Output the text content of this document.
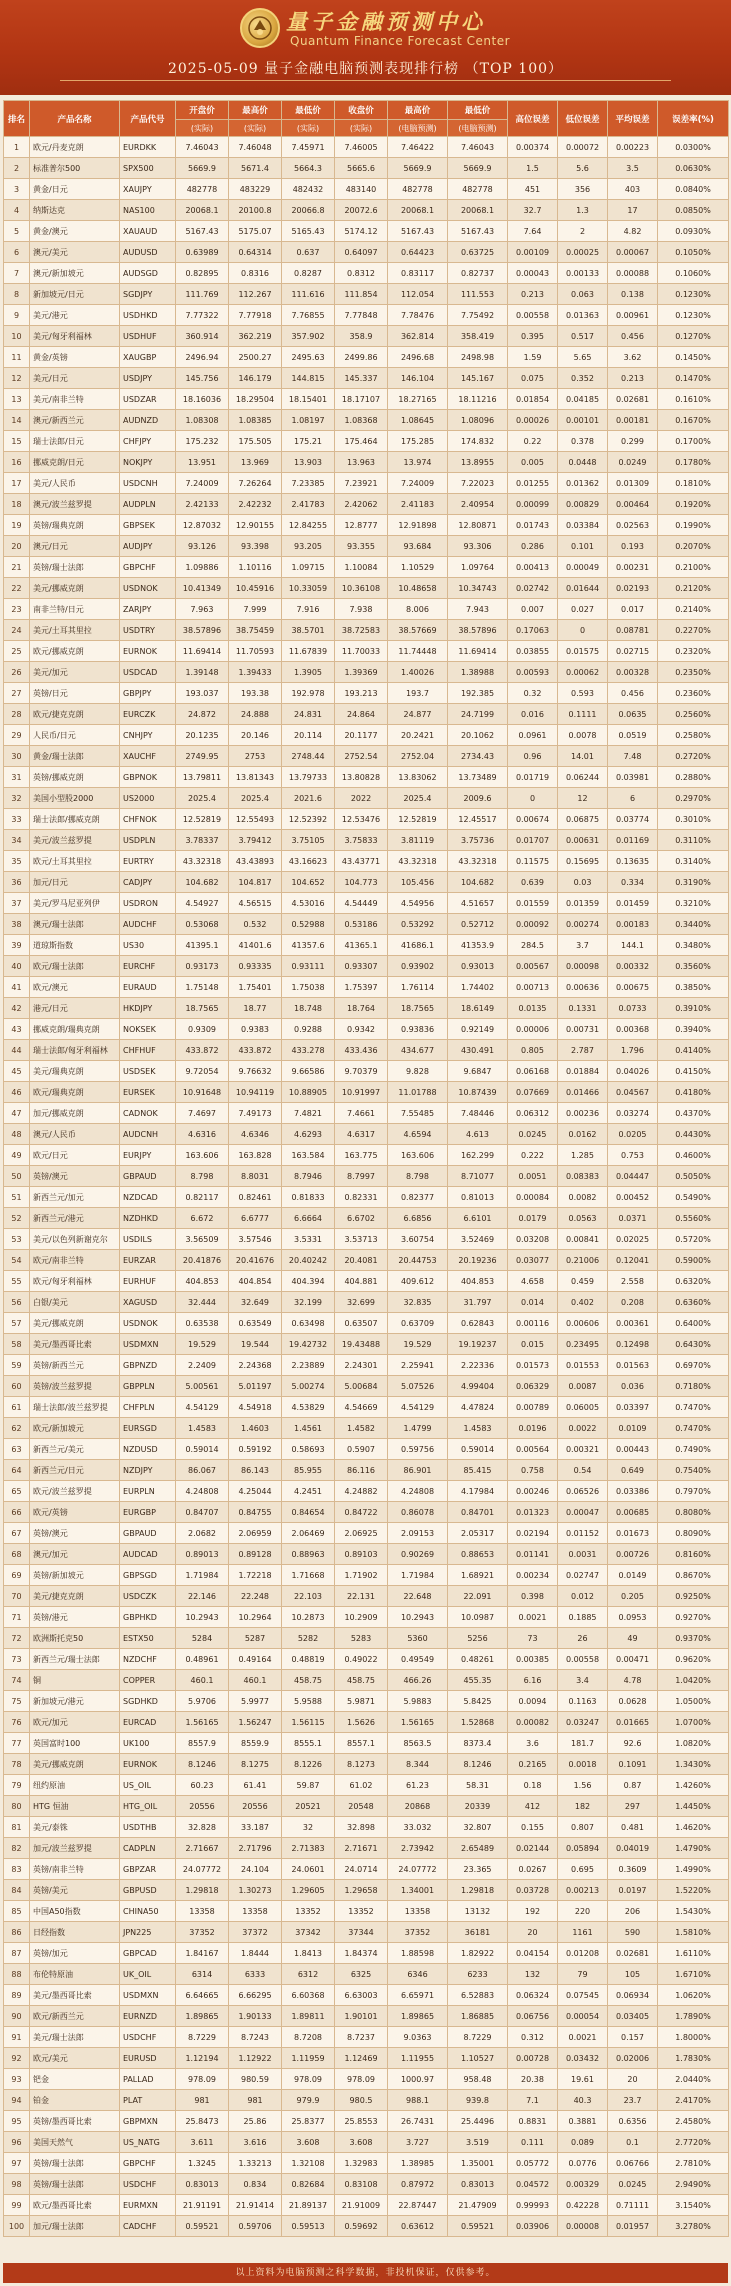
量子金融预测中心
Quantum Finance Forecast Center
2025-05-09 量子金融电脑预测表现排行榜 （TOP 100）
排名	产品名称	产品代号	开盘价	最高价	最低价	收盘价	最高价	最低价	高位误差	低位误差	平均误差	误差率(%)
			(实际)	(实际)	(实际)	(实际)	(电脑预测)	(电脑预测)				
1	欧元/丹麦克朗	EURDKK	7.46043	7.46048	7.45971	7.46005	7.46422	7.46043	0.00374	0.00072	0.00223	0.0300%
2	标准普尔500	SPX500	5669.9	5671.4	5664.3	5665.6	5669.9	5669.9	1.5	5.6	3.5	0.0630%
3	黄金/日元	XAUJPY	482778	483229	482432	483140	482778	482778	451	356	403	0.0840%
4	纳斯达克	NAS100	20068.1	20100.8	20066.8	20072.6	20068.1	20068.1	32.7	1.3	17	0.0850%
5	黄金/澳元	XAUAUD	5167.43	5175.07	5165.43	5174.12	5167.43	5167.43	7.64	2	4.82	0.0930%
6	澳元/美元	AUDUSD	0.63989	0.64314	0.637	0.64097	0.64423	0.63725	0.00109	0.00025	0.00067	0.1050%
7	澳元/新加坡元	AUDSGD	0.82895	0.8316	0.8287	0.8312	0.83117	0.82737	0.00043	0.00133	0.00088	0.1060%
8	新加坡元/日元	SGDJPY	111.769	112.267	111.616	111.854	112.054	111.553	0.213	0.063	0.138	0.1230%
9	美元/港元	USDHKD	7.77322	7.77918	7.76855	7.77848	7.78476	7.75492	0.00558	0.01363	0.00961	0.1230%
10	美元/匈牙利福林	USDHUF	360.914	362.219	357.902	358.9	362.814	358.419	0.395	0.517	0.456	0.1270%
11	黄金/英镑	XAUGBP	2496.94	2500.27	2495.63	2499.86	2496.68	2498.98	1.59	5.65	3.62	0.1450%
12	美元/日元	USDJPY	145.756	146.179	144.815	145.337	146.104	145.167	0.075	0.352	0.213	0.1470%
13	美元/南非兰特	USDZAR	18.16036	18.29504	18.15401	18.17107	18.27165	18.11216	0.01854	0.04185	0.02681	0.1610%
14	澳元/新西兰元	AUDNZD	1.08308	1.08385	1.08197	1.08368	1.08645	1.08096	0.00026	0.00101	0.00181	0.1670%
15	瑞士法郎/日元	CHFJPY	175.232	175.505	175.21	175.464	175.285	174.832	0.22	0.378	0.299	0.1700%
16	挪威克朗/日元	NOKJPY	13.951	13.969	13.903	13.963	13.974	13.8955	0.005	0.0448	0.0249	0.1780%
17	美元/人民币	USDCNH	7.24009	7.26264	7.23385	7.23921	7.24009	7.22023	0.01255	0.01362	0.01309	0.1810%
18	澳元/波兰兹罗提	AUDPLN	2.42133	2.42232	2.41783	2.42062	2.41183	2.40954	0.00099	0.00829	0.00464	0.1920%
19	英镑/瑞典克朗	GBPSEK	12.87032	12.90155	12.84255	12.8777	12.91898	12.80871	0.01743	0.03384	0.02563	0.1990%
20	澳元/日元	AUDJPY	93.126	93.398	93.205	93.355	93.684	93.306	0.286	0.101	0.193	0.2070%
21	英镑/瑞士法郎	GBPCHF	1.09886	1.10116	1.09715	1.10084	1.10529	1.09764	0.00413	0.00049	0.00231	0.2100%
22	美元/挪威克朗	USDNOK	10.41349	10.45916	10.33059	10.36108	10.48658	10.34743	0.02742	0.01644	0.02193	0.2120%
23	南非兰特/日元	ZARJPY	7.963	7.999	7.916	7.938	8.006	7.943	0.007	0.027	0.017	0.2140%
24	美元/土耳其里拉	USDTRY	38.57896	38.75459	38.5701	38.72583	38.57669	38.57896	0.17063	0	0.08781	0.2270%
25	欧元/挪威克朗	EURNOK	11.69414	11.70593	11.67839	11.70033	11.74448	11.69414	0.03855	0.01575	0.02715	0.2320%
26	美元/加元	USDCAD	1.39148	1.39433	1.3905	1.39369	1.40026	1.38988	0.00593	0.00062	0.00328	0.2350%
27	英镑/日元	GBPJPY	193.037	193.38	192.978	193.213	193.7	192.385	0.32	0.593	0.456	0.2360%
28	欧元/捷克克朗	EURCZK	24.872	24.888	24.831	24.864	24.877	24.7199	0.016	0.1111	0.0635	0.2560%
29	人民币/日元	CNHJPY	20.1235	20.146	20.114	20.1177	20.2421	20.1062	0.0961	0.0078	0.0519	0.2580%
30	黄金/瑞士法郎	XAUCHF	2749.95	2753	2748.44	2752.54	2752.04	2734.43	0.96	14.01	7.48	0.2720%
31	英镑/挪威克朗	GBPNOK	13.79811	13.81343	13.79733	13.80828	13.83062	13.73489	0.01719	0.06244	0.03981	0.2880%
32	美国小型股2000	US2000	2025.4	2025.4	2021.6	2022	2025.4	2009.6	0	12	6	0.2970%
33	瑞士法郎/挪威克朗	CHFNOK	12.52819	12.55493	12.52392	12.53476	12.52819	12.45517	0.00674	0.06875	0.03774	0.3010%
34	美元/波兰兹罗提	USDPLN	3.78337	3.79412	3.75105	3.75833	3.81119	3.75736	0.01707	0.00631	0.01169	0.3110%
35	欧元/土耳其里拉	EURTRY	43.32318	43.43893	43.16623	43.43771	43.32318	43.32318	0.11575	0.15695	0.13635	0.3140%
36	加元/日元	CADJPY	104.682	104.817	104.652	104.773	105.456	104.682	0.639	0.03	0.334	0.3190%
37	美元/罗马尼亚列伊	USDRON	4.54927	4.56515	4.53016	4.54449	4.54956	4.51657	0.01559	0.01359	0.01459	0.3210%
38	澳元/瑞士法郎	AUDCHF	0.53068	0.532	0.52988	0.53186	0.53292	0.52712	0.00092	0.00274	0.00183	0.3440%
39	道琼斯指数	US30	41395.1	41401.6	41357.6	41365.1	41686.1	41353.9	284.5	3.7	144.1	0.3480%
40	欧元/瑞士法郎	EURCHF	0.93173	0.93335	0.93111	0.93307	0.93902	0.93013	0.00567	0.00098	0.00332	0.3560%
41	欧元/澳元	EURAUD	1.75148	1.75401	1.75038	1.75397	1.76114	1.74402	0.00713	0.00636	0.00675	0.3850%
42	港元/日元	HKDJPY	18.7565	18.77	18.748	18.764	18.7565	18.6149	0.0135	0.1331	0.0733	0.3910%
43	挪威克朗/瑞典克朗	NOKSEK	0.9309	0.9383	0.9288	0.9342	0.93836	0.92149	0.00006	0.00731	0.00368	0.3940%
44	瑞士法郎/匈牙利福林	CHFHUF	433.872	433.872	433.278	433.436	434.677	430.491	0.805	2.787	1.796	0.4140%
45	美元/瑞典克朗	USDSEK	9.72054	9.76632	9.66586	9.70379	9.828	9.6847	0.06168	0.01884	0.04026	0.4150%
46	欧元/瑞典克朗	EURSEK	10.91648	10.94119	10.88905	10.91997	11.01788	10.87439	0.07669	0.01466	0.04567	0.4180%
47	加元/挪威克朗	CADNOK	7.4697	7.49173	7.4821	7.4661	7.55485	7.48446	0.06312	0.00236	0.03274	0.4370%
48	澳元/人民币	AUDCNH	4.6316	4.6346	4.6293	4.6317	4.6594	4.613	0.0245	0.0162	0.0205	0.4430%
49	欧元/日元	EURJPY	163.606	163.828	163.584	163.775	163.606	162.299	0.222	1.285	0.753	0.4600%
50	英镑/澳元	GBPAUD	8.798	8.8031	8.7946	8.7997	8.798	8.71077	0.0051	0.08383	0.04447	0.5050%
51	新西兰元/加元	NZDCAD	0.82117	0.82461	0.81833	0.82331	0.82377	0.81013	0.00084	0.0082	0.00452	0.5490%
52	新西兰元/港元	NZDHKD	6.672	6.6777	6.6664	6.6702	6.6856	6.6101	0.0179	0.0563	0.0371	0.5560%
53	美元/以色列新谢克尔	USDILS	3.56509	3.57546	3.5331	3.53713	3.60754	3.52469	0.03208	0.00841	0.02025	0.5720%
54	欧元/南非兰特	EURZAR	20.41876	20.41676	20.40242	20.4081	20.44753	20.19236	0.03077	0.21006	0.12041	0.5900%
55	欧元/匈牙利福林	EURHUF	404.853	404.854	404.394	404.881	409.612	404.853	4.658	0.459	2.558	0.6320%
56	白银/美元	XAGUSD	32.444	32.649	32.199	32.699	32.835	31.797	0.014	0.402	0.208	0.6360%
57	美元/挪威克朗	USDNOK	0.63538	0.63549	0.63498	0.63507	0.63709	0.62843	0.00116	0.00606	0.00361	0.6400%
58	美元/墨西哥比索	USDMXN	19.529	19.544	19.42732	19.43488	19.529	19.19237	0.015	0.23495	0.12498	0.6430%
59	英镑/新西兰元	GBPNZD	2.2409	2.24368	2.23889	2.24301	2.25941	2.22336	0.01573	0.01553	0.01563	0.6970%
60	英镑/波兰兹罗提	GBPPLN	5.00561	5.01197	5.00274	5.00684	5.07526	4.99404	0.06329	0.0087	0.036	0.7180%
61	瑞士法郎/波兰兹罗提	CHFPLN	4.54129	4.54918	4.53829	4.54669	4.54129	4.47824	0.00789	0.06005	0.03397	0.7470%
62	欧元/新加坡元	EURSGD	1.4583	1.4603	1.4561	1.4582	1.4799	1.4583	0.0196	0.0022	0.0109	0.7470%
63	新西兰元/美元	NZDUSD	0.59014	0.59192	0.58693	0.5907	0.59756	0.59014	0.00564	0.00321	0.00443	0.7490%
64	新西兰元/日元	NZDJPY	86.067	86.143	85.955	86.116	86.901	85.415	0.758	0.54	0.649	0.7540%
65	欧元/波兰兹罗提	EURPLN	4.24808	4.25044	4.2451	4.24882	4.24808	4.17984	0.00246	0.06526	0.03386	0.7970%
66	欧元/英镑	EURGBP	0.84707	0.84755	0.84654	0.84722	0.86078	0.84701	0.01323	0.00047	0.00685	0.8080%
67	英镑/澳元	GBPAUD	2.0682	2.06959	2.06469	2.06925	2.09153	2.05317	0.02194	0.01152	0.01673	0.8090%
68	澳元/加元	AUDCAD	0.89013	0.89128	0.88963	0.89103	0.90269	0.88653	0.01141	0.0031	0.00726	0.8160%
69	英镑/新加坡元	GBPSGD	1.71984	1.72218	1.71668	1.71902	1.71984	1.68921	0.00234	0.02747	0.0149	0.8670%
70	美元/捷克克朗	USDCZK	22.146	22.248	22.103	22.131	22.648	22.091	0.398	0.012	0.205	0.9250%
71	英镑/港元	GBPHKD	10.2943	10.2964	10.2873	10.2909	10.2943	10.0987	0.0021	0.1885	0.0953	0.9270%
72	欧洲斯托克50	ESTX50	5284	5287	5282	5283	5360	5256	73	26	49	0.9370%
73	新西兰元/瑞士法郎	NZDCHF	0.48961	0.49164	0.48819	0.49022	0.49549	0.48261	0.00385	0.00558	0.00471	0.9620%
74	铜	COPPER	460.1	460.1	458.75	458.75	466.26	455.35	6.16	3.4	4.78	1.0420%
75	新加坡元/港元	SGDHKD	5.9706	5.9977	5.9588	5.9871	5.9883	5.8425	0.0094	0.1163	0.0628	1.0500%
76	欧元/加元	EURCAD	1.56165	1.56247	1.56115	1.5626	1.56165	1.52868	0.00082	0.03247	0.01665	1.0700%
77	英国富时100	UK100	8557.9	8559.9	8555.1	8557.1	8563.5	8373.4	3.6	181.7	92.6	1.0820%
78	美元/挪威克朗	EURNOK	8.1246	8.1275	8.1226	8.1273	8.344	8.1246	0.2165	0.0018	0.1091	1.3430%
79	纽约原油	US_OIL	60.23	61.41	59.87	61.02	61.23	58.31	0.18	1.56	0.87	1.4260%
80	HTG 恒油	HTG_OIL	20556	20556	20521	20548	20868	20339	412	182	297	1.4450%
81	美元/泰铢	USDTHB	32.828	33.187	32	32.898	33.032	32.807	0.155	0.807	0.481	1.4620%
82	加元/波兰兹罗提	CADPLN	2.71667	2.71796	2.71383	2.71671	2.73942	2.65489	0.02144	0.05894	0.04019	1.4790%
83	英镑/南非兰特	GBPZAR	24.07772	24.104	24.0601	24.0714	24.07772	23.365	0.0267	0.695	0.3609	1.4990%
84	英镑/美元	GBPUSD	1.29818	1.30273	1.29605	1.29658	1.34001	1.29818	0.03728	0.00213	0.0197	1.5220%
85	中国A50指数	CHINA50	13358	13358	13352	13352	13358	13132	192	220	206	1.5430%
86	日经指数	JPN225	37352	37372	37342	37344	37352	36181	20	1161	590	1.5810%
87	英镑/加元	GBPCAD	1.84167	1.8444	1.8413	1.84374	1.88598	1.82922	0.04154	0.01208	0.02681	1.6110%
88	布伦特原油	UK_OIL	6314	6333	6312	6325	6346	6233	132	79	105	1.6710%
89	美元/墨西哥比索	USDMXN	6.64665	6.66295	6.60368	6.63003	6.65971	6.52883	0.06324	0.07545	0.06934	1.0620%
90	欧元/新西兰元	EURNZD	1.89865	1.90133	1.89811	1.90101	1.89865	1.86885	0.06756	0.00054	0.03405	1.7890%
91	美元/瑞士法郎	USDCHF	8.7229	8.7243	8.7208	8.7237	9.0363	8.7229	0.312	0.0021	0.157	1.8000%
92	欧元/美元	EURUSD	1.12194	1.12922	1.11959	1.12469	1.11955	1.10527	0.00728	0.03432	0.02006	1.7830%
93	钯金	PALLAD	978.09	980.59	978.09	978.09	1000.97	958.48	20.38	19.61	20	2.0440%
94	铂金	PLAT	981	981	979.9	980.5	988.1	939.8	7.1	40.3	23.7	2.4170%
95	英镑/墨西哥比索	GBPMXN	25.8473	25.86	25.8377	25.8553	26.7431	25.4496	0.8831	0.3881	0.6356	2.4580%
96	美国天然气	US_NATG	3.611	3.616	3.608	3.608	3.727	3.519	0.111	0.089	0.1	2.7720%
97	英镑/瑞士法郎	GBPCHF	1.3245	1.33213	1.32108	1.32983	1.38985	1.35001	0.05772	0.0776	0.06766	2.7810%
98	英镑/瑞士法郎	USDCHF	0.83013	0.834	0.82684	0.83108	0.87972	0.83013	0.04572	0.00329	0.0245	2.9490%
99	欧元/墨西哥比索	EURMXN	21.91191	21.91414	21.89137	21.91009	22.87447	21.47909	0.99993	0.42228	0.71111	3.1540%
100	加元/瑞士法郎	CADCHF	0.59521	0.59706	0.59513	0.59692	0.63612	0.59521	0.03906	0.00008	0.01957	3.2780%
以上资料为电脑预测之科学数据，非投机保证，仅供参考。
